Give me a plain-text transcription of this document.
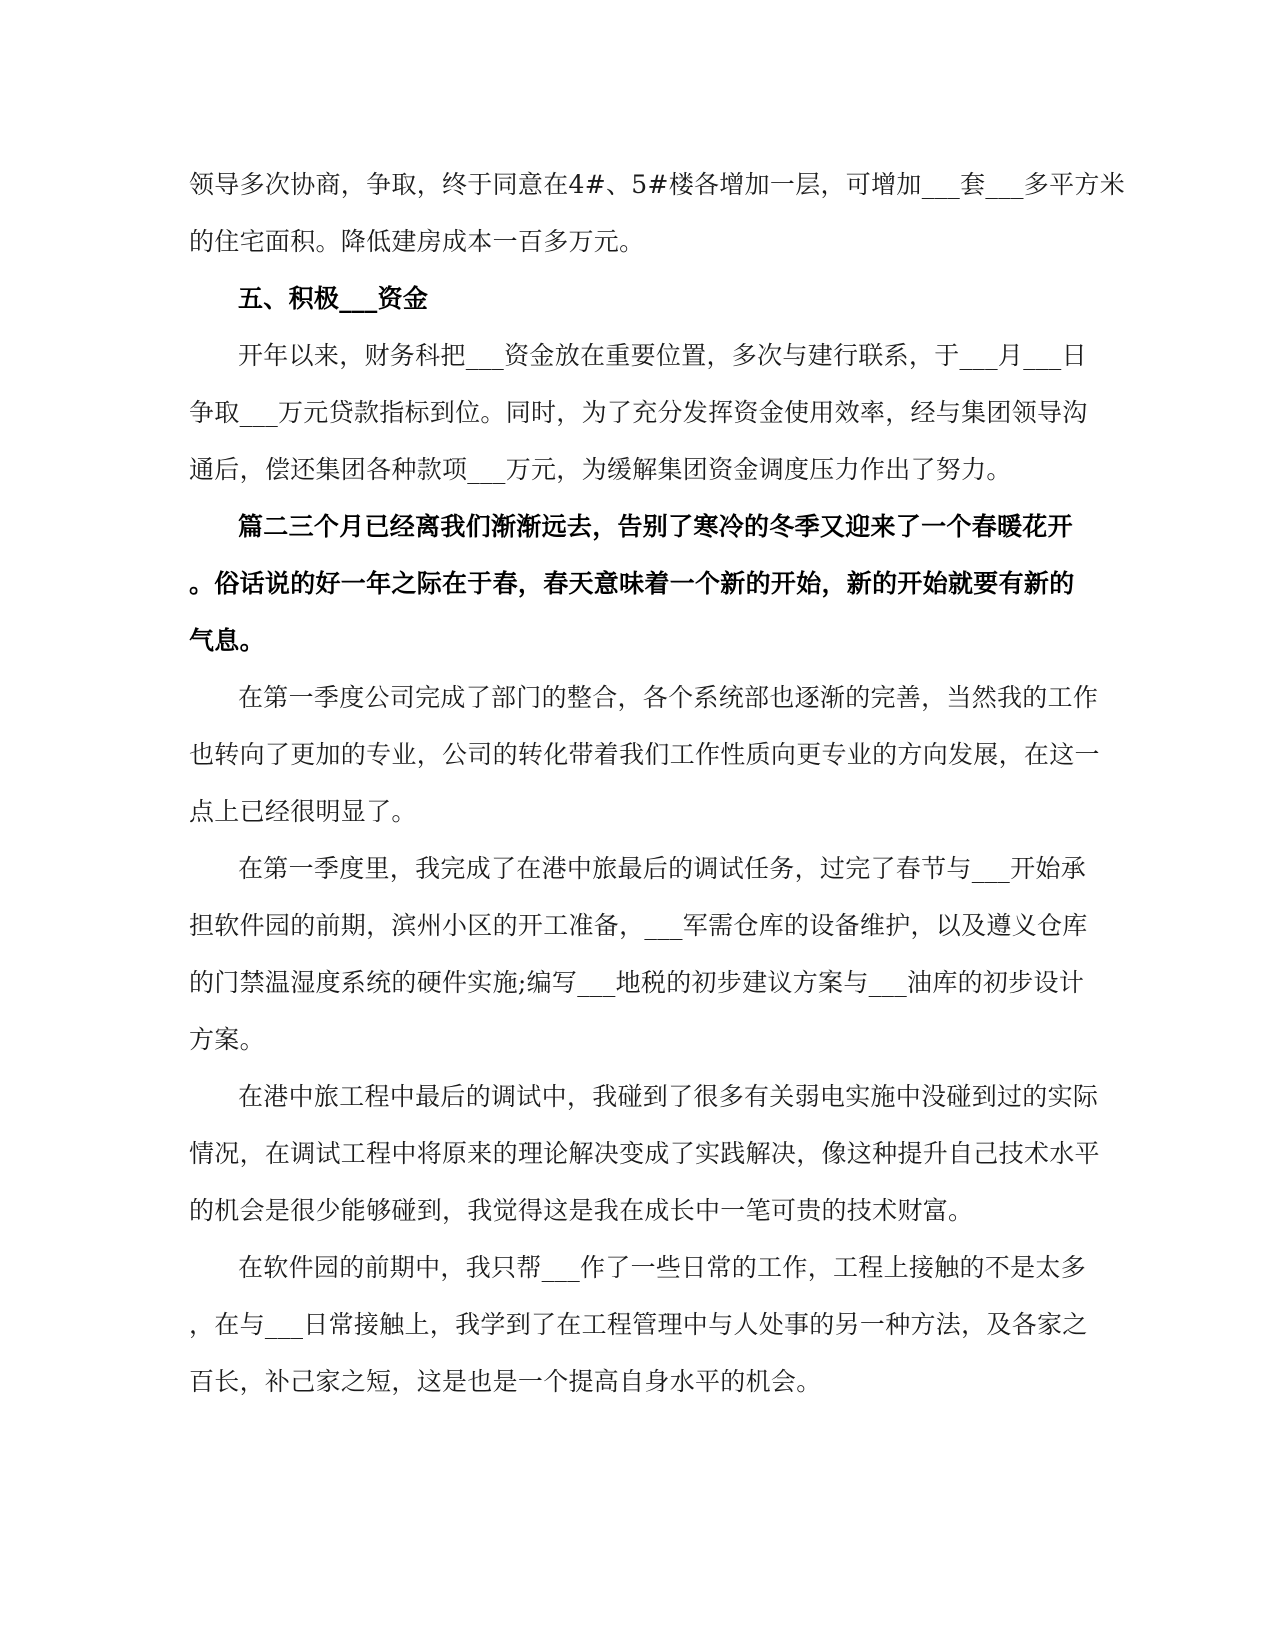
领导多次协商，争取，终于同意在4#、5#楼各增加一层，可增加___套___多平方米
的住宅面积。降低建房成本一百多万元。
五、积极___资金
开年以来，财务科把___资金放在重要位置，多次与建行联系，于___月___日
争取___万元贷款指标到位。同时，为了充分发挥资金使用效率，经与集团领导沟
通后，偿还集团各种款项___万元，为缓解集团资金调度压力作出了努力。
篇二三个月已经离我们渐渐远去，告别了寒冷的冬季又迎来了一个春暖花开
。俗话说的好一年之际在于春，春天意味着一个新的开始，新的开始就要有新的
气息。
在第一季度公司完成了部门的整合，各个系统部也逐渐的完善，当然我的工作
也转向了更加的专业，公司的转化带着我们工作性质向更专业的方向发展，在这一
点上已经很明显了。
在第一季度里，我完成了在港中旅最后的调试任务，过完了春节与___开始承
担软件园的前期，滨州小区的开工准备，___军需仓库的设备维护，以及遵义仓库
的门禁温湿度系统的硬件实施;编写___地税的初步建议方案与___油库的初步设计
方案。
在港中旅工程中最后的调试中，我碰到了很多有关弱电实施中没碰到过的实际
情况，在调试工程中将原来的理论解决变成了实践解决，像这种提升自己技术水平
的机会是很少能够碰到，我觉得这是我在成长中一笔可贵的技术财富。
在软件园的前期中，我只帮___作了一些日常的工作，工程上接触的不是太多
，在与___日常接触上，我学到了在工程管理中与人处事的另一种方法，及各家之
百长，补己家之短，这是也是一个提高自身水平的机会。
